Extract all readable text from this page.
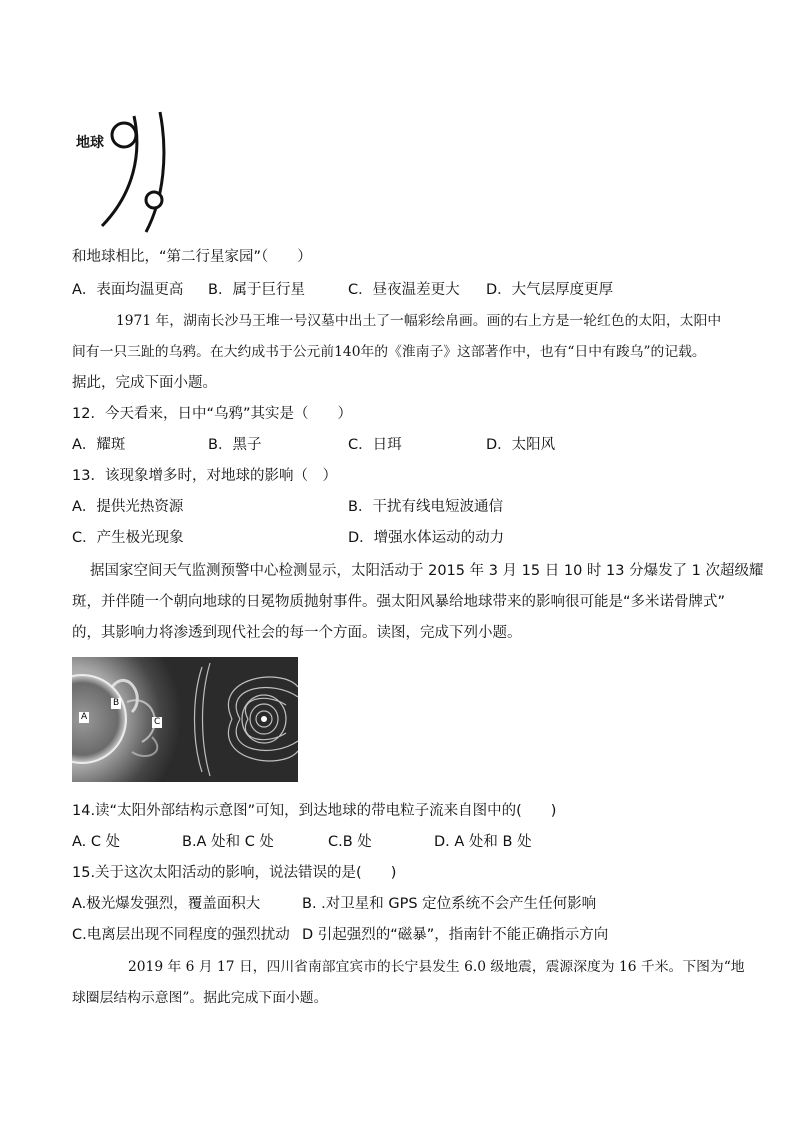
地球
和地球相比，“第二行星家园”（　　）
A．表面均温更高 B．属于巨行星	C．昼夜温差更大 D．大气层厚度更厚
1971 年，湖南长沙马王堆一号汉墓中出土了一幅彩绘帛画。画的右上方是一轮红色的太阳，太阳中
间有一只三趾的乌鸦。在大约成书于公元前140年的《淮南子》这部著作中，也有“日中有踆乌”的记载。
据此，完成下面小题。
12．今天看来，日中“乌鸦”其实是（　　）
A．耀斑	B．黑子	C．日珥	D．太阳风
13．该现象增多时，对地球的影响（　）
A．提供光热资源	B．干扰有线电短波通信
C．产生极光现象	D．增强水体运动的动力
据国家空间天气监测预警中心检测显示，太阳活动于 2015 年 3 月 15 日 10 时 13 分爆发了 1 次超级耀
斑，并伴随一个朝向地球的日冕物质抛射事件。强太阳风暴给地球带来的影响很可能是“多米诺骨牌式”
的，其影响力将渗透到现代社会的每一个方面。读图，完成下列小题。
A
B
C
14.读“太阳外部结构示意图”可知，到达地球的带电粒子流来自图中的(　　)
A. C 处	B.A 处和 C 处	C.B 处	D. A 处和 B 处
15.关于这次太阳活动的影响，说法错误的是(　　)
A.极光爆发强烈，覆盖面积大	B. .对卫星和 GPS 定位系统不会产生任何影响
C.电离层出现不同程度的强烈扰动 D 引起强烈的“磁暴”，指南针不能正确指示方向
2019 年 6 月 17 日，四川省南部宜宾市的长宁县发生 6.0 级地震，震源深度为 16 千米。下图为“地
球圈层结构示意图”。据此完成下面小题。
